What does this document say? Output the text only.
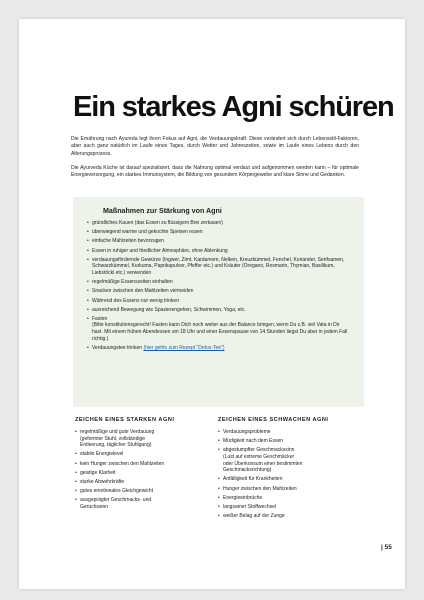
Ein starkes Agni schüren

Die Ernährung nach Ayureda legt ihren Fokus auf Agni, die Verdauungskraft. Diese verändert sich durch Lebensstil-Faktoren, aber auch ganz natürlich im Laufe eines Tages, durch Wetter und Jahreszeiten, sowie im Laufe eines Lebens durch den Alterungsprozess.

Die Ayurveda Küche ist darauf spezialisiert, dass die Nahrung optimal verdaut und aufgenommen werden kann – für optimale Energieversorgung, ein starkes Immunsystem, die Bildung von gesundem Körpergewebe und klare Sinne und Gedanken.

Maßnahmen zur Stärkung von Agni
• gründliches Kauen (das Essen zu flüssigem Brei zerkauen)
• überwiegend warme und gekochte Speisen essen
• einfache Mahlzeiten bevorzugen
• Essen in ruhiger und friedlicher Atmosphäre, ohne Ablenkung
• verdauungsfördernde Gewürze (Ingwer, Zimt, Kardamom, Nelken, Kreuzkümmel, Fenchel, Koriander, Senfsamen, Schwarzkümmel, Kurkuma, Paprikapulver, Pfeffer etc.) und Kräuter (Oregano, Rosmarin, Thymian, Basilikum, Liebstöckl etc.) verwenden
• regelmäßige Essenszeiten einhalten
• Snacken zwischen den Mahlzeiten vermeiden
• Während des Essens nur wenig trinken
• ausreichend Bewegung wie Spazierengehen, Schwimmen, Yoga, etc.
• Fasten
(Bitte konstitutionsgerecht! Fasten kann Dich noch weiter aus der Balance bringen, wenn Du z.B. viel Vata in Dir hast. Mit einem frühen Abendessen um 18 Uhr und einer Essenspause von 14 Stunden liegst Du aber in jedem Fall richtig.)
• Verdauungstee trinken (hier gehts zum Rezept "Detox-Tee")
ZEICHEN EINES STARKEN AGNI
• regelmäßige und gute Verdauung
(geformter Stuhl, vollständige
Entleerung, täglicher Stuhlgang)
• stabile Energielevel
• kein Hunger zwischen den Mahlzeiten
• geistige Klarheit
• starke Abwehrkräfte
• gutes emotionales Gleichgewicht
• ausgeprägter Geschmacks- und
Geruchssinn
ZEICHEN EINES SCHWACHEN AGNI
• Verdauungsprobleme
• Müdigkeit nach dem Essen
• abgestumpfter Geschmackssinn
(Lust auf extreme Geschmäcker
oder Überkonsum einer bestimmten
Geschmacksrichtung)
• Anfälligkeit für Krankheiten
• Hunger zwischen den Mahlzeiten
• Energieeinbrüche
• langsamer Stoffwechsel
• weißer Belag auf der Zunge
| 55
